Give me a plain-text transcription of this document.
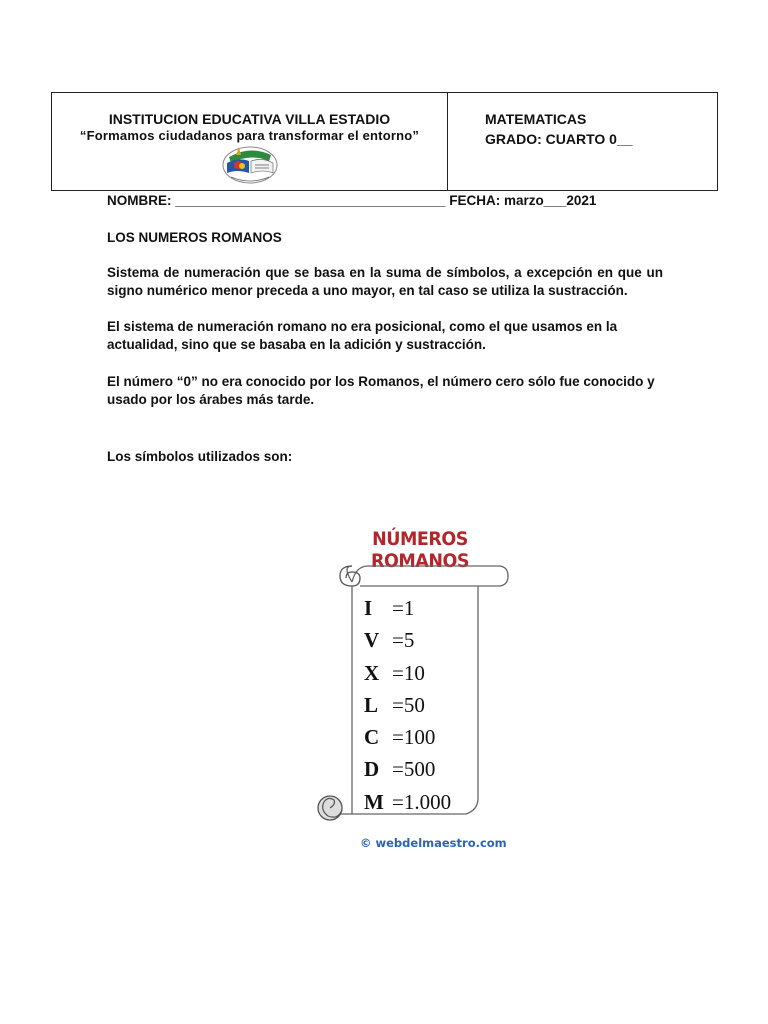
INSTITUCION EDUCATIVA VILLA ESTADIO
“Formamos ciudadanos para transformar el entorno”
MATEMATICAS
GRADO: CUARTO 0__
NOMBRE: ____________________________________ FECHA: marzo___2021
LOS NUMEROS ROMANOS
Sistema de numeración que se basa en la suma de símbolos, a excepción en que un signo numérico menor preceda a uno mayor, en tal caso se utiliza la sustracción.
El sistema de numeración romano no era posicional, como el que usamos en la actualidad, sino que se basaba en la adición y sustracción.
El número “0” no era conocido por los Romanos, el número cero sólo fue conocido y usado por los árabes más tarde.
Los símbolos utilizados son:
NÚMEROS ROMANOS
I =1
V =5
X =10
L =50
C =100
D =500
M =1.000
© webdelmaestro.com
